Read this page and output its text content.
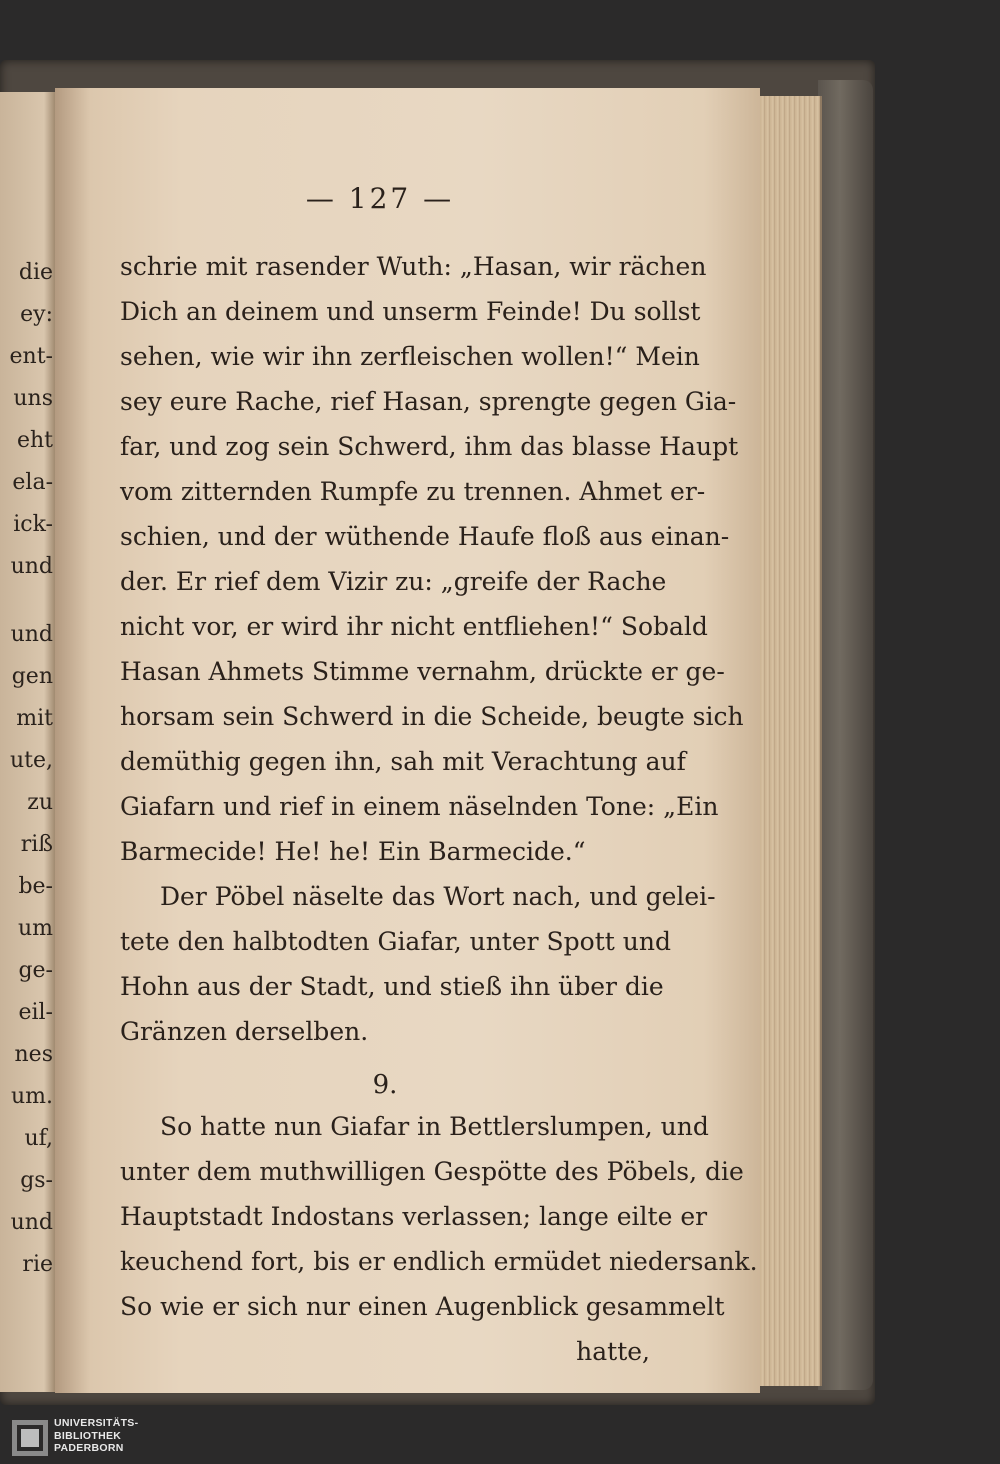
die
ey:
ent-
uns
eht
ela-
ick-
und
und
gen
mit
ute,
zu
riß
be-
um
ge-
eil-
nes
um.
uf,
gs-
und
rie
— 127 —
schrie mit rasender Wuth: „Hasan, wir rächen
Dich an deinem und unserm Feinde! Du sollst
sehen, wie wir ihn zerfleischen wollen!“ Mein
sey eure Rache, rief Hasan, sprengte gegen Gia-
far, und zog sein Schwerd, ihm das blasse Haupt
vom zitternden Rumpfe zu trennen. Ahmet er-
schien, und der wüthende Haufe floß aus einan-
der. Er rief dem Vizir zu: „greife der Rache
nicht vor, er wird ihr nicht entfliehen!“ Sobald
Hasan Ahmets Stimme vernahm, drückte er ge-
horsam sein Schwerd in die Scheide, beugte sich
demüthig gegen ihn, sah mit Verachtung auf
Giafarn und rief in einem näselnden Tone: „Ein
Barmecide! He! he! Ein Barmecide.“
Der Pöbel näselte das Wort nach, und gelei-
tete den halbtodten Giafar, unter Spott und
Hohn aus der Stadt, und stieß ihn über die
Gränzen derselben.
9.
So hatte nun Giafar in Bettlerslumpen, und
unter dem muthwilligen Gespötte des Pöbels, die
Hauptstadt Indostans verlassen; lange eilte er
keuchend fort, bis er endlich ermüdet niedersank.
So wie er sich nur einen Augenblick gesammelt
hatte,
UNIVERSITÄTS-
BIBLIOTHEK
PADERBORN
